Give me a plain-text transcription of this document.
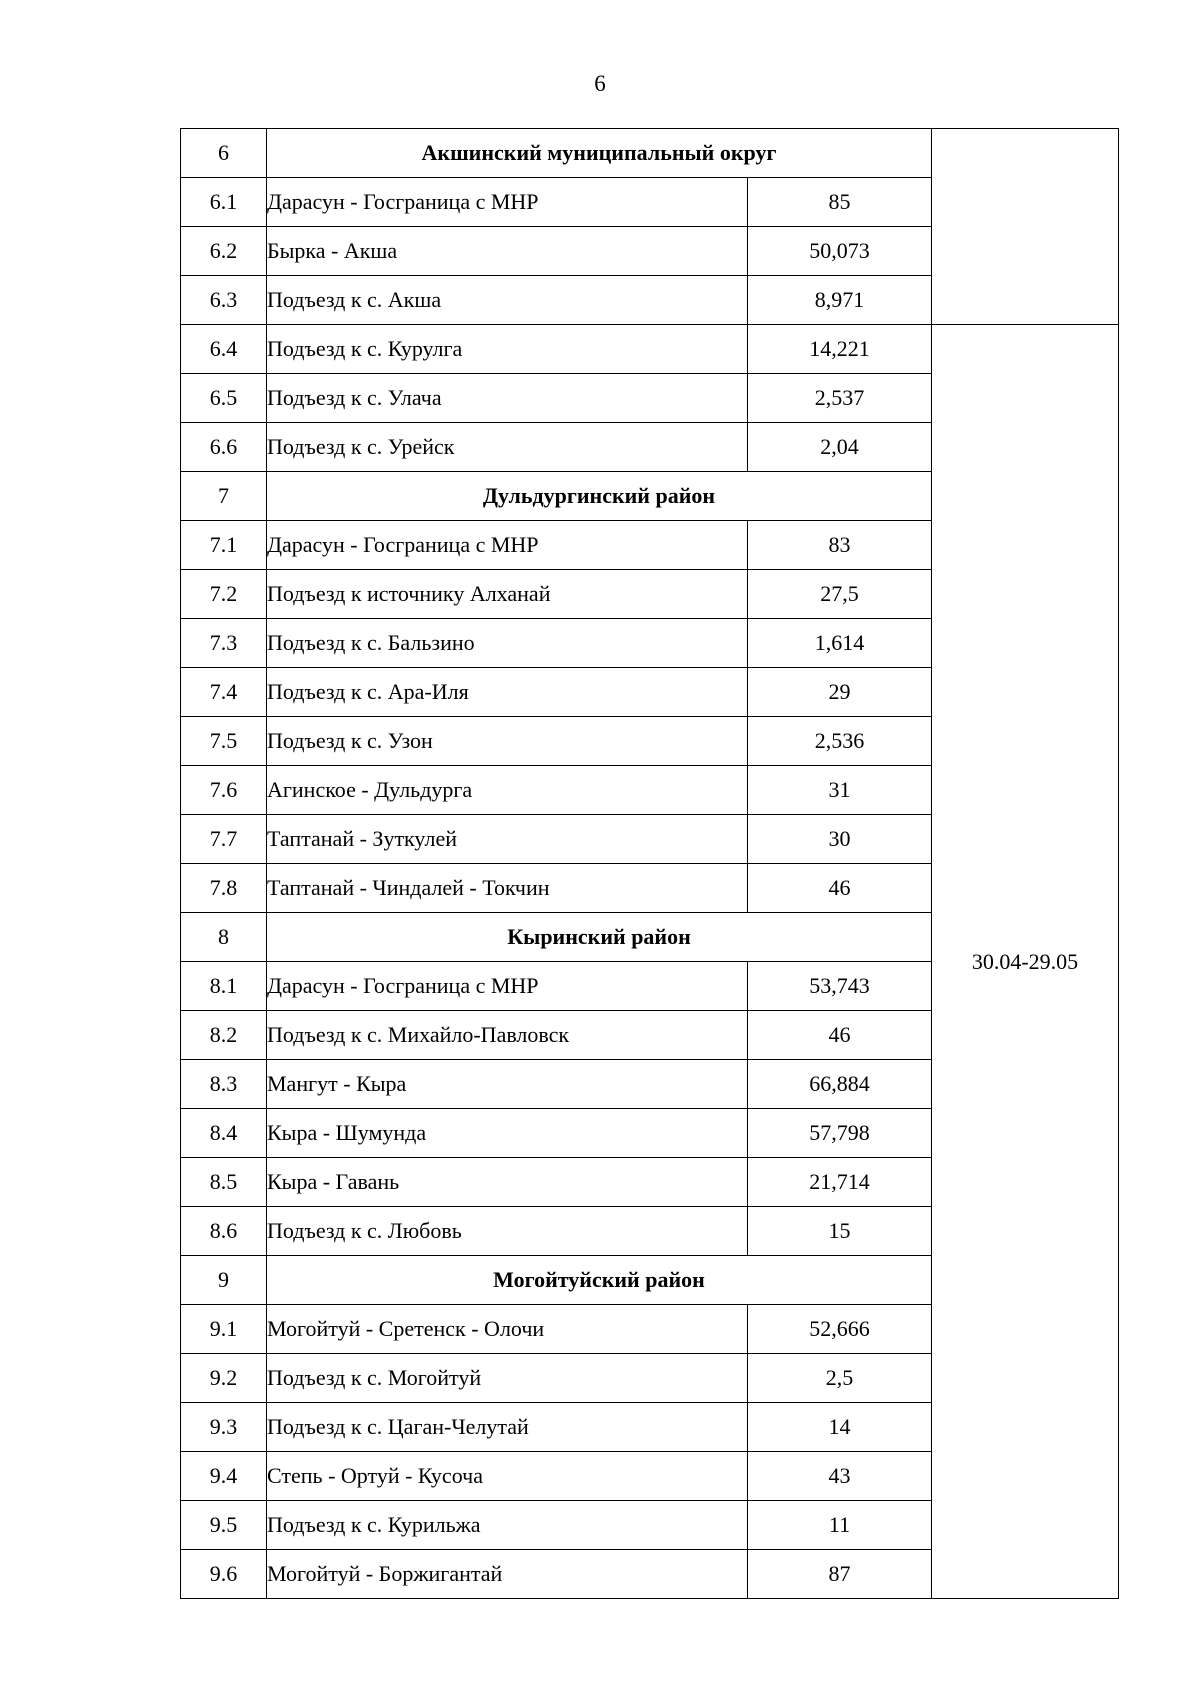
6
6	Акшинский муниципальный округ		
6.1	Дарасун - Госграница с МНР	85	
6.2	Бырка - Акша	50,073	
6.3	Подъезд к с. Акша	8,971	
6.4	Подъезд к с. Курулга	14,221	30.04-29.05
6.5	Подъезд к с. Улача	2,537	
6.6	Подъезд к с. Урейск	2,04	
7	Дульдургинский район		
7.1	Дарасун - Госграница с МНР	83	
7.2	Подъезд к источнику Алханай	27,5	
7.3	Подъезд к с. Бальзино	1,614	
7.4	Подъезд к с. Ара-Иля	29	
7.5	Подъезд к с. Узон	2,536	
7.6	Агинское - Дульдурга	31	
7.7	Таптанай - Зуткулей	30	
7.8	Таптанай - Чиндалей - Токчин	46	
8	Кыринский район		
8.1	Дарасун - Госграница с МНР	53,743	
8.2	Подъезд к с. Михайло-Павловск	46	
8.3	Мангут - Кыра	66,884	
8.4	Кыра - Шумунда	57,798	
8.5	Кыра - Гавань	21,714	
8.6	Подъезд к с. Любовь	15	
9	Могойтуйский район		
9.1	Могойтуй - Сретенск - Олочи	52,666	
9.2	Подъезд к с. Могойтуй	2,5	
9.3	Подъезд к с. Цаган-Челутай	14	
9.4	Степь - Ортуй - Кусоча	43	
9.5	Подъезд к с. Курильжа	11	
9.6	Могойтуй - Боржигантай	87	
